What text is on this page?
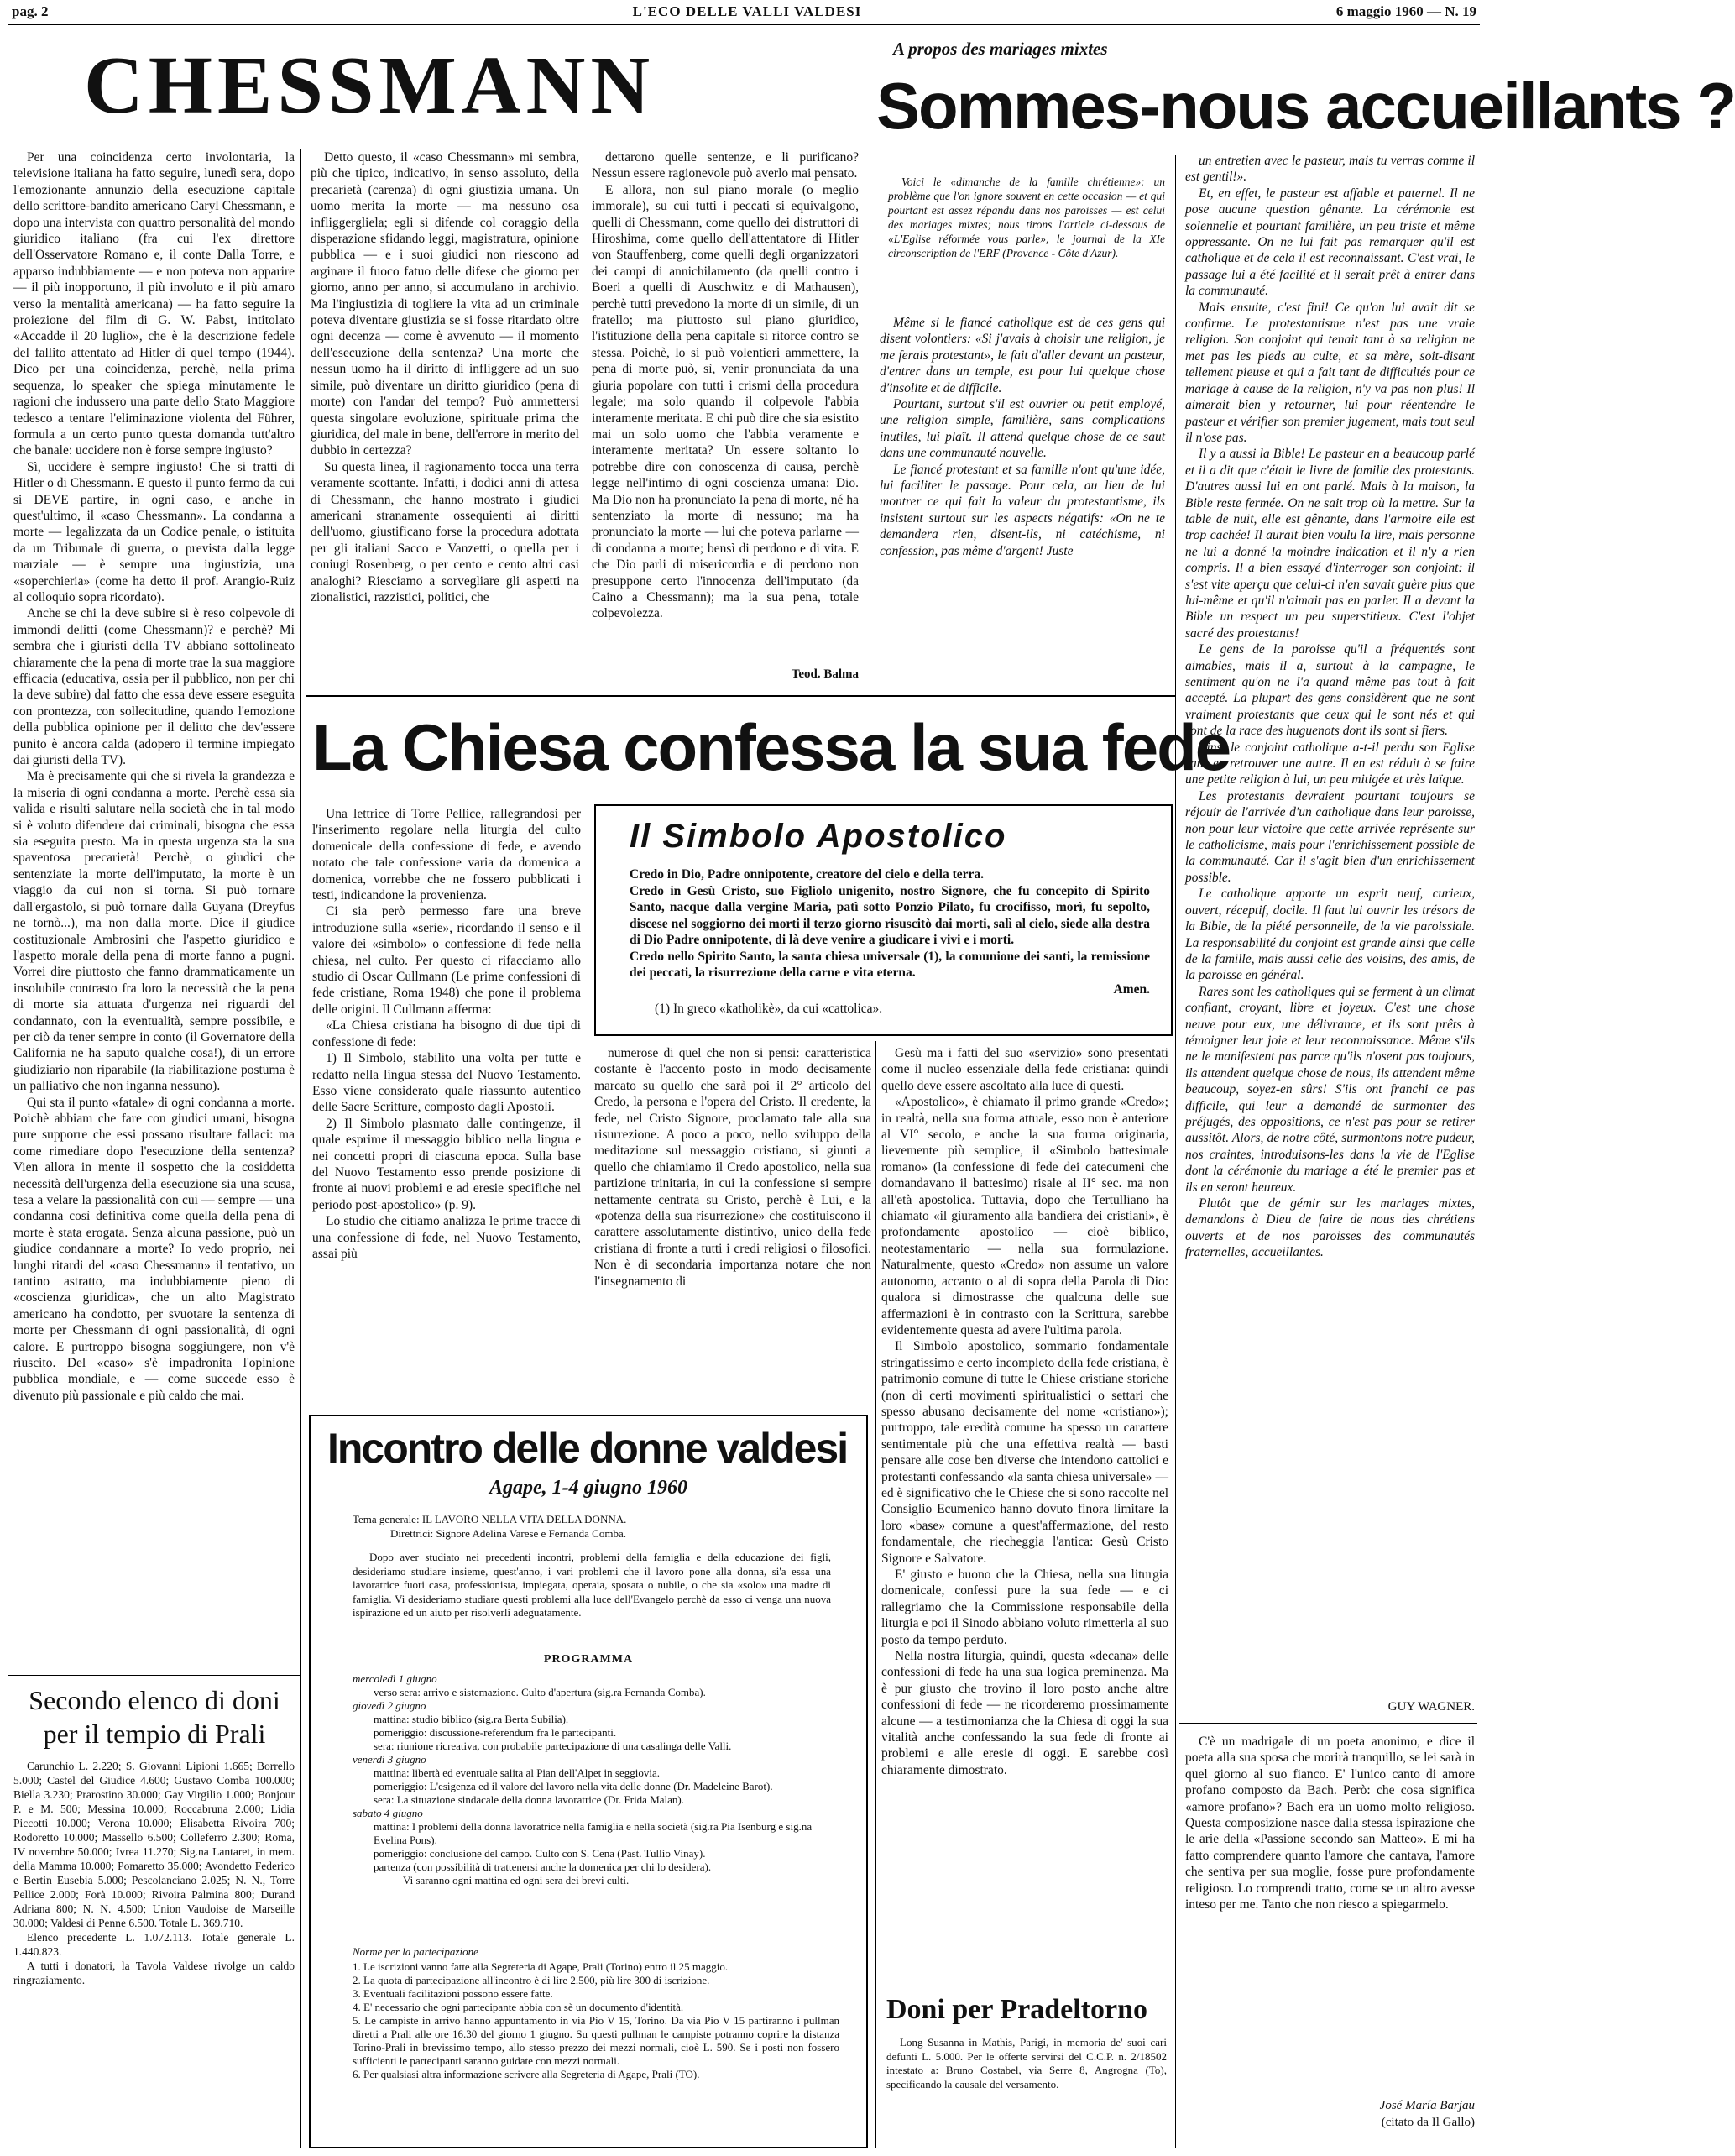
pag. 2	L'ECO DELLE VALLI VALDESI	6 maggio 1960 — N. 19
CHESSMANN

Per una coincidenza certo involontaria, la televisione italiana ha fatto seguire, lunedì sera, dopo l'emozionante annunzio della esecuzione capitale dello scrittore-bandito americano Caryl Chessmann, e dopo una intervista con quattro personalità del mondo giuridico italiano (fra cui l'ex direttore dell'Osservatore Romano e, il conte Dalla Torre, e apparso indubbiamente — e non poteva non apparire — il più inopportuno, il più involuto e il più amaro verso la mentalità americana) — ha fatto seguire la proiezione del film di G. W. Pabst, intitolato «Accadde il 20 luglio», che è la descrizione fedele del fallito attentato ad Hitler di quel tempo (1944). Dico per una coincidenza, perchè, nella prima sequenza, lo speaker che spiega minutamente le ragioni che indussero una parte dello Stato Maggiore tedesco a tentare l'eliminazione violenta del Führer, formula a un certo punto questa domanda tutt'altro che banale: uccidere non è forse sempre ingiusto?

Sì, uccidere è sempre ingiusto! Che si tratti di Hitler o di Chessmann. E questo il punto fermo da cui si DEVE partire, in ogni caso, e anche in quest'ultimo, il «caso Chessmann». La condanna a morte — legalizzata da un Codice penale, o istituita da un Tribunale di guerra, o prevista dalla legge marziale — è sempre una ingiustizia, una «soperchieria» (come ha detto il prof. Arangio-Ruiz al colloquio sopra ricordato).

Anche se chi la deve subire si è reso colpevole di immondi delitti (come Chessmann)? e perchè? Mi sembra che i giuristi della TV abbiano sottolineato chiaramente che la pena di morte trae la sua maggiore efficacia (educativa, ossia per il pubblico, non per chi la deve subire) dal fatto che essa deve essere eseguita con prontezza, con sollecitudine, quando l'emozione della pubblica opinione per il delitto che dev'essere punito è ancora calda (adopero il termine impiegato dai giuristi della TV).

Ma è precisamente qui che si rivela la grandezza e la miseria di ogni condanna a morte. Perchè essa sia valida e risulti salutare nella società che in tal modo si è voluto difendere dai criminali, bisogna che essa sia eseguita presto. Ma in questa urgenza sta la sua spaventosa precarietà! Perchè, o giudici che sentenziate la morte dell'imputato, la morte è un viaggio da cui non si torna. Si può tornare dall'ergastolo, si può tornare dalla Guyana (Dreyfus ne tornò...), ma non dalla morte. Dice il giudice costituzionale Ambrosini che l'aspetto giuridico e l'aspetto morale della pena di morte fanno a pugni. Vorrei dire piuttosto che fanno drammaticamente un insolubile contrasto fra loro la necessità che la pena di morte sia attuata d'urgenza nei riguardi del condannato, con la eventualità, sempre possibile, e per ciò da tener sempre in conto (il Governatore della California ne ha saputo qualche cosa!), di un errore giudiziario non riparabile (la riabilitazione postuma è un palliativo che non inganna nessuno).

Qui sta il punto «fatale» di ogni condanna a morte. Poichè abbiam che fare con giudici umani, bisogna pure supporre che essi possano risultare fallaci: ma come rimediare dopo l'esecuzione della sentenza? Vien allora in mente il sospetto che la cosiddetta necessità dell'urgenza della esecuzione sia una scusa, tesa a velare la passionalità con cui — sempre — una condanna così definitiva come quella della pena di morte è stata erogata. Senza alcuna passione, può un giudice condannare a morte? Io vedo proprio, nei lunghi ritardi del «caso Chessmann» il tentativo, un tantino astratto, ma indubbiamente pieno di «coscienza giuridica», che un alto Magistrato americano ha condotto, per svuotare la sentenza di morte per Chessmann di ogni passionalità, di ogni calore. E purtroppo bisogna soggiungere, non v'è riuscito. Del «caso» s'è impadronita l'opinione pubblica mondiale, e — come succede esso è divenuto più passionale e più caldo che mai.

Detto questo, il «caso Chessmann» mi sembra, più che tipico, indicativo, in senso assoluto, della precarietà (carenza) di ogni giustizia umana. Un uomo merita la morte — ma nessuno osa infliggergliela; egli si difende col coraggio della disperazione sfidando leggi, magistratura, opinione pubblica — e i suoi giudici non riescono ad arginare il fuoco fatuo delle difese che giorno per giorno, anno per anno, si accumulano in archivio. Ma l'ingiustizia di togliere la vita ad un criminale poteva diventare giustizia se si fosse ritardato oltre ogni decenza — come è avvenuto — il momento dell'esecuzione della sentenza? Una morte che nessun uomo ha il diritto di infliggere ad un suo simile, può diventare un diritto giuridico (pena di morte) con l'andar del tempo? Può ammettersi questa singolare evoluzione, spirituale prima che giuridica, del male in bene, dell'errore in merito del dubbio in certezza?

Su questa linea, il ragionamento tocca una terra veramente scottante. Infatti, i dodici anni di attesa di Chessmann, che hanno mostrato i giudici americani stranamente ossequienti ai diritti dell'uomo, giustificano forse la procedura adottata per gli italiani Sacco e Vanzetti, o quella per i coniugi Rosenberg, o per cento e cento altri casi analoghi? Riesciamo a sorvegliare gli aspetti na zionalistici, razzistici, politici, che

dettarono quelle sentenze, e li purificano? Nessun essere ragionevole può averlo mai pensato.

E allora, non sul piano morale (o meglio immorale), su cui tutti i peccati si equivalgono, quelli di Chessmann, come quello dei distruttori di Hiroshima, come quello dell'attentatore di Hitler von Stauffenberg, come quelli degli organizzatori dei campi di annichilamento (da quelli contro i Boeri a quelli di Auschwitz e di Mathausen), perchè tutti prevedono la morte di un simile, di un fratello; ma piuttosto sul piano giuridico, l'istituzione della pena capitale si ritorce contro se stessa. Poichè, lo si può volentieri ammettere, la pena di morte può, sì, venir pronunciata da una giuria popolare con tutti i crismi della procedura legale; ma solo quando il colpevole l'abbia interamente meritata. E chi può dire che sia esistito mai un solo uomo che l'abbia veramente e interamente meritata? Un essere soltanto lo potrebbe dire con conoscenza di causa, perchè legge nell'intimo di ogni coscienza umana: Dio. Ma Dio non ha pronunciato la pena di morte, né ha sentenziato la morte di nessuno; ma ha pronunciato la morte — lui che poteva parlarne — di condanna a morte; bensì di perdono e di vita. E che Dio parli di misericordia e di perdono non presuppone certo l'innocenza dell'imputato (da Caino a Chessmann); ma la sua pena, totale colpevolezza.

Teod. Balma
A propos des mariages mixtes
Sommes-nous accueillants ?

Voici le «dimanche de la famille chrétienne»: un problème que l'on ignore souvent en cette occasion — et qui pourtant est assez répandu dans nos paroisses — est celui des mariages mixtes; nous tirons l'article ci-dessous de «L'Eglise réformée vous parle», le journal de la XIe circonscription de l'ERF (Provence - Côte d'Azur).

Même si le fiancé catholique est de ces gens qui disent volontiers: «Si j'avais à choisir une religion, je me ferais protestant», le fait d'aller devant un pasteur, d'entrer dans un temple, est pour lui quelque chose d'insolite et de difficile.

Pourtant, surtout s'il est ouvrier ou petit employé, une religion simple, familière, sans complications inutiles, lui plaît. Il attend quelque chose de ce saut dans une communauté nouvelle.

Le fiancé protestant et sa famille n'ont qu'une idée, lui faciliter le passage. Pour cela, au lieu de lui montrer ce qui fait la valeur du protestantisme, ils insistent surtout sur les aspects négatifs: «On ne te demandera rien, disent-ils, ni catéchisme, ni confession, pas même d'argent! Juste

un entretien avec le pasteur, mais tu verras comme il est gentil!».

Et, en effet, le pasteur est affable et paternel. Il ne pose aucune question gênante. La cérémonie est solennelle et pourtant familière, un peu triste et même oppressante. On ne lui fait pas remarquer qu'il est catholique et de cela il est reconnaissant. C'est vrai, le passage lui a été facilité et il serait prêt à entrer dans la communauté.

Mais ensuite, c'est fini! Ce qu'on lui avait dit se confirme. Le protestantisme n'est pas une vraie religion. Son conjoint qui tenait tant à sa religion ne met pas les pieds au culte, et sa mère, soit-disant tellement pieuse et qui a fait tant de difficultés pour ce mariage à cause de la religion, n'y va pas non plus! Il aimerait bien y retourner, lui pour réentendre le pasteur et vérifier son premier jugement, mais tout seul il n'ose pas.

Il y a aussi la Bible! Le pasteur en a beaucoup parlé et il a dit que c'était le livre de famille des protestants. D'autres aussi lui en ont parlé. Mais à la maison, la Bible reste fermée. On ne sait trop où la mettre. Sur la table de nuit, elle est gênante, dans l'armoire elle est trop cachée! Il aurait bien voulu la lire, mais personne ne lui a donné la moindre indication et il n'y a rien compris. Il a bien essayé d'interroger son conjoint: il s'est vite aperçu que celui-ci n'en savait guère plus que lui-même et qu'il n'aimait pas en parler. Il a devant la Bible un respect un peu superstitieux. C'est l'objet sacré des protestants!

Le gens de la paroisse qu'il a fréquentés sont aimables, mais il a, surtout à la campagne, le sentiment qu'on ne l'a quand même pas tout à fait accepté. La plupart des gens considèrent que ne sont vraiment protestants que ceux qui le sont nés et qui sont de la race des huguenots dont ils sont si fiers.

Ainsi le conjoint catholique a-t-il perdu son Eglise sans en retrouver une autre. Il en est réduit à se faire une petite religion à lui, un peu mitigée et très laïque.

Les protestants devraient pourtant toujours se réjouir de l'arrivée d'un catholique dans leur paroisse, non pour leur victoire que cette arrivée représente sur le catholicisme, mais pour l'enrichissement possible de la communauté. Car il s'agit bien d'un enrichissement possible.

Le catholique apporte un esprit neuf, curieux, ouvert, réceptif, docile. Il faut lui ouvrir les trésors de la Bible, de la piété personnelle, de la vie paroissiale. La responsabilité du conjoint est grande ainsi que celle de la famille, mais aussi celle des voisins, des amis, de la paroisse en général.

Rares sont les catholiques qui se ferment à un climat confiant, croyant, libre et joyeux. C'est une chose neuve pour eux, une délivrance, et ils sont prêts à témoigner leur joie et leur reconnaissance. Même s'ils ne le manifestent pas parce qu'ils n'osent pas toujours, ils attendent quelque chose de nous, ils attendent même beaucoup, soyez-en sûrs! S'ils ont franchi ce pas difficile, qui leur a demandé de surmonter des préjugés, des oppositions, ce n'est pas pour se retirer aussitôt. Alors, de notre côté, surmontons notre pudeur, nos craintes, introduisons-les dans la vie de l'Eglise dont la cérémonie du mariage a été le premier pas et ils en seront heureux.

Plutôt que de gémir sur les mariages mixtes, demandons à Dieu de faire de nous des chrétiens ouverts et de nos paroisses des communautés fraternelles, accueillantes.

GUY WAGNER.

C'è un madrigale di un poeta anonimo, e dice il poeta alla sua sposa che morirà tranquillo, se lei sarà in quel giorno al suo fianco. E' l'unico canto di amore profano composto da Bach. Però: che cosa significa «amore profano»? Bach era un uomo molto religioso. Questa composizione nasce dalla stessa ispirazione che le arie della «Passione secondo san Matteo». E mi ha fatto comprendere quanto l'amore che cantava, l'amore che sentiva per sua moglie, fosse pure profondamente religioso. Lo comprendi tratto, come se un altro avesse inteso per me. Tanto che non riesco a spiegarmelo.

José María Barjau
(citato da Il Gallo)
La Chiesa confessa la sua fede

Una lettrice di Torre Pellice, rallegrandosi per l'inserimento regolare nella liturgia del culto domenicale della confessione di fede, e avendo notato che tale confessione varia da domenica a domenica, vorrebbe che ne fossero pubblicati i testi, indicandone la provenienza.

Ci sia però permesso fare una breve introduzione sulla «serie», ricordando il senso e il valore dei «simbolo» o confessione di fede nella chiesa, nel culto. Per questo ci rifacciamo allo studio di Oscar Cullmann (Le prime confessioni di fede cristiane, Roma 1948) che pone il problema delle origini. Il Cullmann afferma:

«La Chiesa cristiana ha bisogno di due tipi di confessione di fede:

1) Il Simbolo, stabilito una volta per tutte e redatto nella lingua stessa del Nuovo Testamento. Esso viene considerato quale riassunto autentico delle Sacre Scritture, composto dagli Apostoli.

2) Il Simbolo plasmato dalle contingenze, il quale esprime il messaggio biblico nella lingua e nei concetti propri di ciascuna epoca. Sulla base del Nuovo Testamento esso prende posizione di fronte ai nuovi problemi e ad eresie specifiche nel periodo post-apostolico» (p. 9).

Lo studio che citiamo analizza le prime tracce di una confessione di fede, nel Nuovo Testamento, assai più

Il Simbolo Apostolico
Credo in Dio, Padre onnipotente, creatore del cielo e della terra.
Credo in Gesù Cristo, suo Figliolo unigenito, nostro Signore, che fu concepito di Spirito Santo, nacque dalla vergine Maria, patì sotto Ponzio Pilato, fu crocifisso, morì, fu sepolto, discese nel soggiorno dei morti il terzo giorno risuscitò dai morti, salì al cielo, siede alla destra di Dio Padre onnipotente, di là deve venire a giudicare i vivi e i morti.
Credo nello Spirito Santo, la santa chiesa universale (1), la comunione dei santi, la remissione dei peccati, la risurrezione della carne e vita eterna.
Amen.
(1) In greco «katholikè», da cui «cattolica».

numerose di quel che non si pensi: caratteristica costante è l'accento posto in modo decisamente marcato su quello che sarà poi il 2° articolo del Credo, la persona e l'opera del Cristo. Il credente, la fede, nel Cristo Signore, proclamato tale alla sua risurrezione. A poco a poco, nello sviluppo della meditazione sul messaggio cristiano, si giunti a quello che chiamiamo il Credo apostolico, nella sua partizione trinitaria, in cui la confessione si sempre nettamente centrata su Cristo, perchè è Lui, e la «potenza della sua risurrezione» che costituiscono il carattere assolutamente distintivo, unico della fede cristiana di fronte a tutti i credi religiosi o filosofici. Non è di secondaria importanza notare che non l'insegnamento di

Gesù ma i fatti del suo «servizio» sono presentati come il nucleo essenziale della fede cristiana: quindi quello deve essere ascoltato alla luce di questi.

«Apostolico», è chiamato il primo grande «Credo»; in realtà, nella sua forma attuale, esso non è anteriore al VI° secolo, e anche la sua forma originaria, lievemente più semplice, il «Simbolo battesimale romano» (la confessione di fede dei catecumeni che domandavano il battesimo) risale al II° sec. ma non all'età apostolica. Tuttavia, dopo che Tertulliano ha chiamato «il giuramento alla bandiera dei cristiani», è profondamente apostolico — cioè biblico, neotestamentario — nella sua formulazione. Naturalmente, questo «Credo» non assume un valore autonomo, accanto o al di sopra della Parola di Dio: qualora si dimostrasse che qualcuna delle sue affermazioni è in contrasto con la Scrittura, sarebbe evidentemente questa ad avere l'ultima parola.

Il Simbolo apostolico, sommario fondamentale stringatissimo e certo incompleto della fede cristiana, è patrimonio comune di tutte le Chiese cristiane storiche (non di certi movimenti spiritualistici o settari che spesso abusano decisamente del nome «cristiano»); purtroppo, tale eredità comune ha spesso un carattere sentimentale più che una effettiva realtà — basti pensare alle cose ben diverse che intendono cattolici e protestanti confessando «la santa chiesa universale» — ed è significativo che le Chiese che si sono raccolte nel Consiglio Ecumenico hanno dovuto finora limitare la loro «base» comune a quest'affermazione, del resto fondamentale, che riecheggia l'antica: Gesù Cristo Signore e Salvatore.

E' giusto e buono che la Chiesa, nella sua liturgia domenicale, confessi pure la sua fede — e ci rallegriamo che la Commissione responsabile della liturgia e poi il Sinodo abbiano voluto rimetterla al suo posto da tempo perduto.

Nella nostra liturgia, quindi, questa «decana» delle confessioni di fede ha una sua logica preminenza. Ma è pur giusto che trovino il loro posto anche altre confessioni di fede — ne ricorderemo prossimamente alcune — a testimonianza che la Chiesa di oggi la sua vitalità anche confessando la sua fede di fronte ai problemi e alle eresie di oggi. E sarebbe così chiaramente dimostrato.

Doni per Pradeltorno

Long Susanna in Mathis, Parigi, in memoria de' suoi cari defunti L. 5.000. Per le offerte servirsi del C.C.P. n. 2/18502 intestato a: Bruno Costabel, via Serre 8, Angrogna (To), specificando la causale del versamento.

Incontro delle donne valdesi
Agape, 1-4 giugno 1960
Tema generale: IL LAVORO NELLA VITA DELLA DONNA.
Direttrici: Signore Adelina Varese e Fernanda Comba.
Dopo aver studiato nei precedenti incontri, problemi della famiglia e della educazione dei figli, desideriamo studiare insieme, quest'anno, i vari problemi che il lavoro pone alla donna, si'a essa una lavoratrice fuori casa, professionista, impiegata, operaia, sposata o nubile, o che sia «solo» una madre di famiglia. Vi desideriamo studiare questi problemi alla luce dell'Evangelo perchè da esso ci venga una nuova ispirazione ed un aiuto per risolverli adeguatamente.
PROGRAMMA
mercoledì 1 giugno
verso sera: arrivo e sistemazione. Culto d'apertura (sig.ra Fernanda Comba).
giovedì 2 giugno
mattina: studio biblico (sig.ra Berta Subilia).
pomeriggio: discussione-referendum fra le partecipanti.
sera: riunione ricreativa, con probabile partecipazione di una casalinga delle Valli.
venerdì 3 giugno
mattina: libertà ed eventuale salita al Pian dell'Alpet in seggiovia.
pomeriggio: L'esigenza ed il valore del lavoro nella vita delle donne (Dr. Madeleine Barot).
sera: La situazione sindacale della donna lavoratrice (Dr. Frida Malan).
sabato 4 giugno
mattina: I problemi della donna lavoratrice nella famiglia e nella società (sig.ra Pia Isenburg e sig.na Evelina Pons).
pomeriggio: conclusione del campo. Culto con S. Cena (Past. Tullio Vinay).
partenza (con possibilità di trattenersi anche la domenica per chi lo desidera).
Vi saranno ogni mattina ed ogni sera dei brevi culti.
Norme per la partecipazione
1. Le iscrizioni vanno fatte alla Segreteria di Agape, Prali (Torino) entro il 25 maggio.
2. La quota di partecipazione all'incontro è di lire 2.500, più lire 300 di iscrizione.
3. Eventuali facilitazioni possono essere fatte.
4. E' necessario che ogni partecipante abbia con sè un documento d'identità.
5. Le campiste in arrivo hanno appuntamento in via Pio V 15, Torino. Da via Pio V 15 partiranno i pullman diretti a Prali alle ore 16.30 del giorno 1 giugno. Su questi pullman le campiste potranno coprire la distanza Torino-Prali in brevissimo tempo, allo stesso prezzo dei mezzi normali, cioè L. 590. Se i posti non fossero sufficienti le partecipanti saranno guidate con mezzi normali.
6. Per qualsiasi altra informazione scrivere alla Segreteria di Agape, Prali (TO).
Secondo elenco di doni
per il tempio di Prali

Carunchio L. 2.220; S. Giovanni Lipioni 1.665; Borrello 5.000; Castel del Giudice 4.600; Gustavo Comba 100.000; Biella 3.230; Prarostino 30.000; Gay Virgilio 1.000; Bonjour P. e M. 500; Messina 10.000; Roccabruna 2.000; Lidia Piccotti 10.000; Verona 10.000; Elisabetta Rivoira 700; Rodoretto 10.000; Massello 6.500; Colleferro 2.300; Roma, IV novembre 50.000; Ivrea 11.270; Sig.na Lantaret, in mem. della Mamma 10.000; Pomaretto 35.000; Avondetto Federico e Bertin Eusebia 5.000; Pescolanciano 2.025; N. N., Torre Pellice 2.000; Forà 10.000; Rivoira Palmina 800; Durand Adriana 800; N. N. 4.500; Union Vaudoise de Marseille 30.000; Valdesi di Penne 6.500. Totale L. 369.710.

Elenco precedente L. 1.072.113. Totale generale L. 1.440.823.

A tutti i donatori, la Tavola Valdese rivolge un caldo ringraziamento.
